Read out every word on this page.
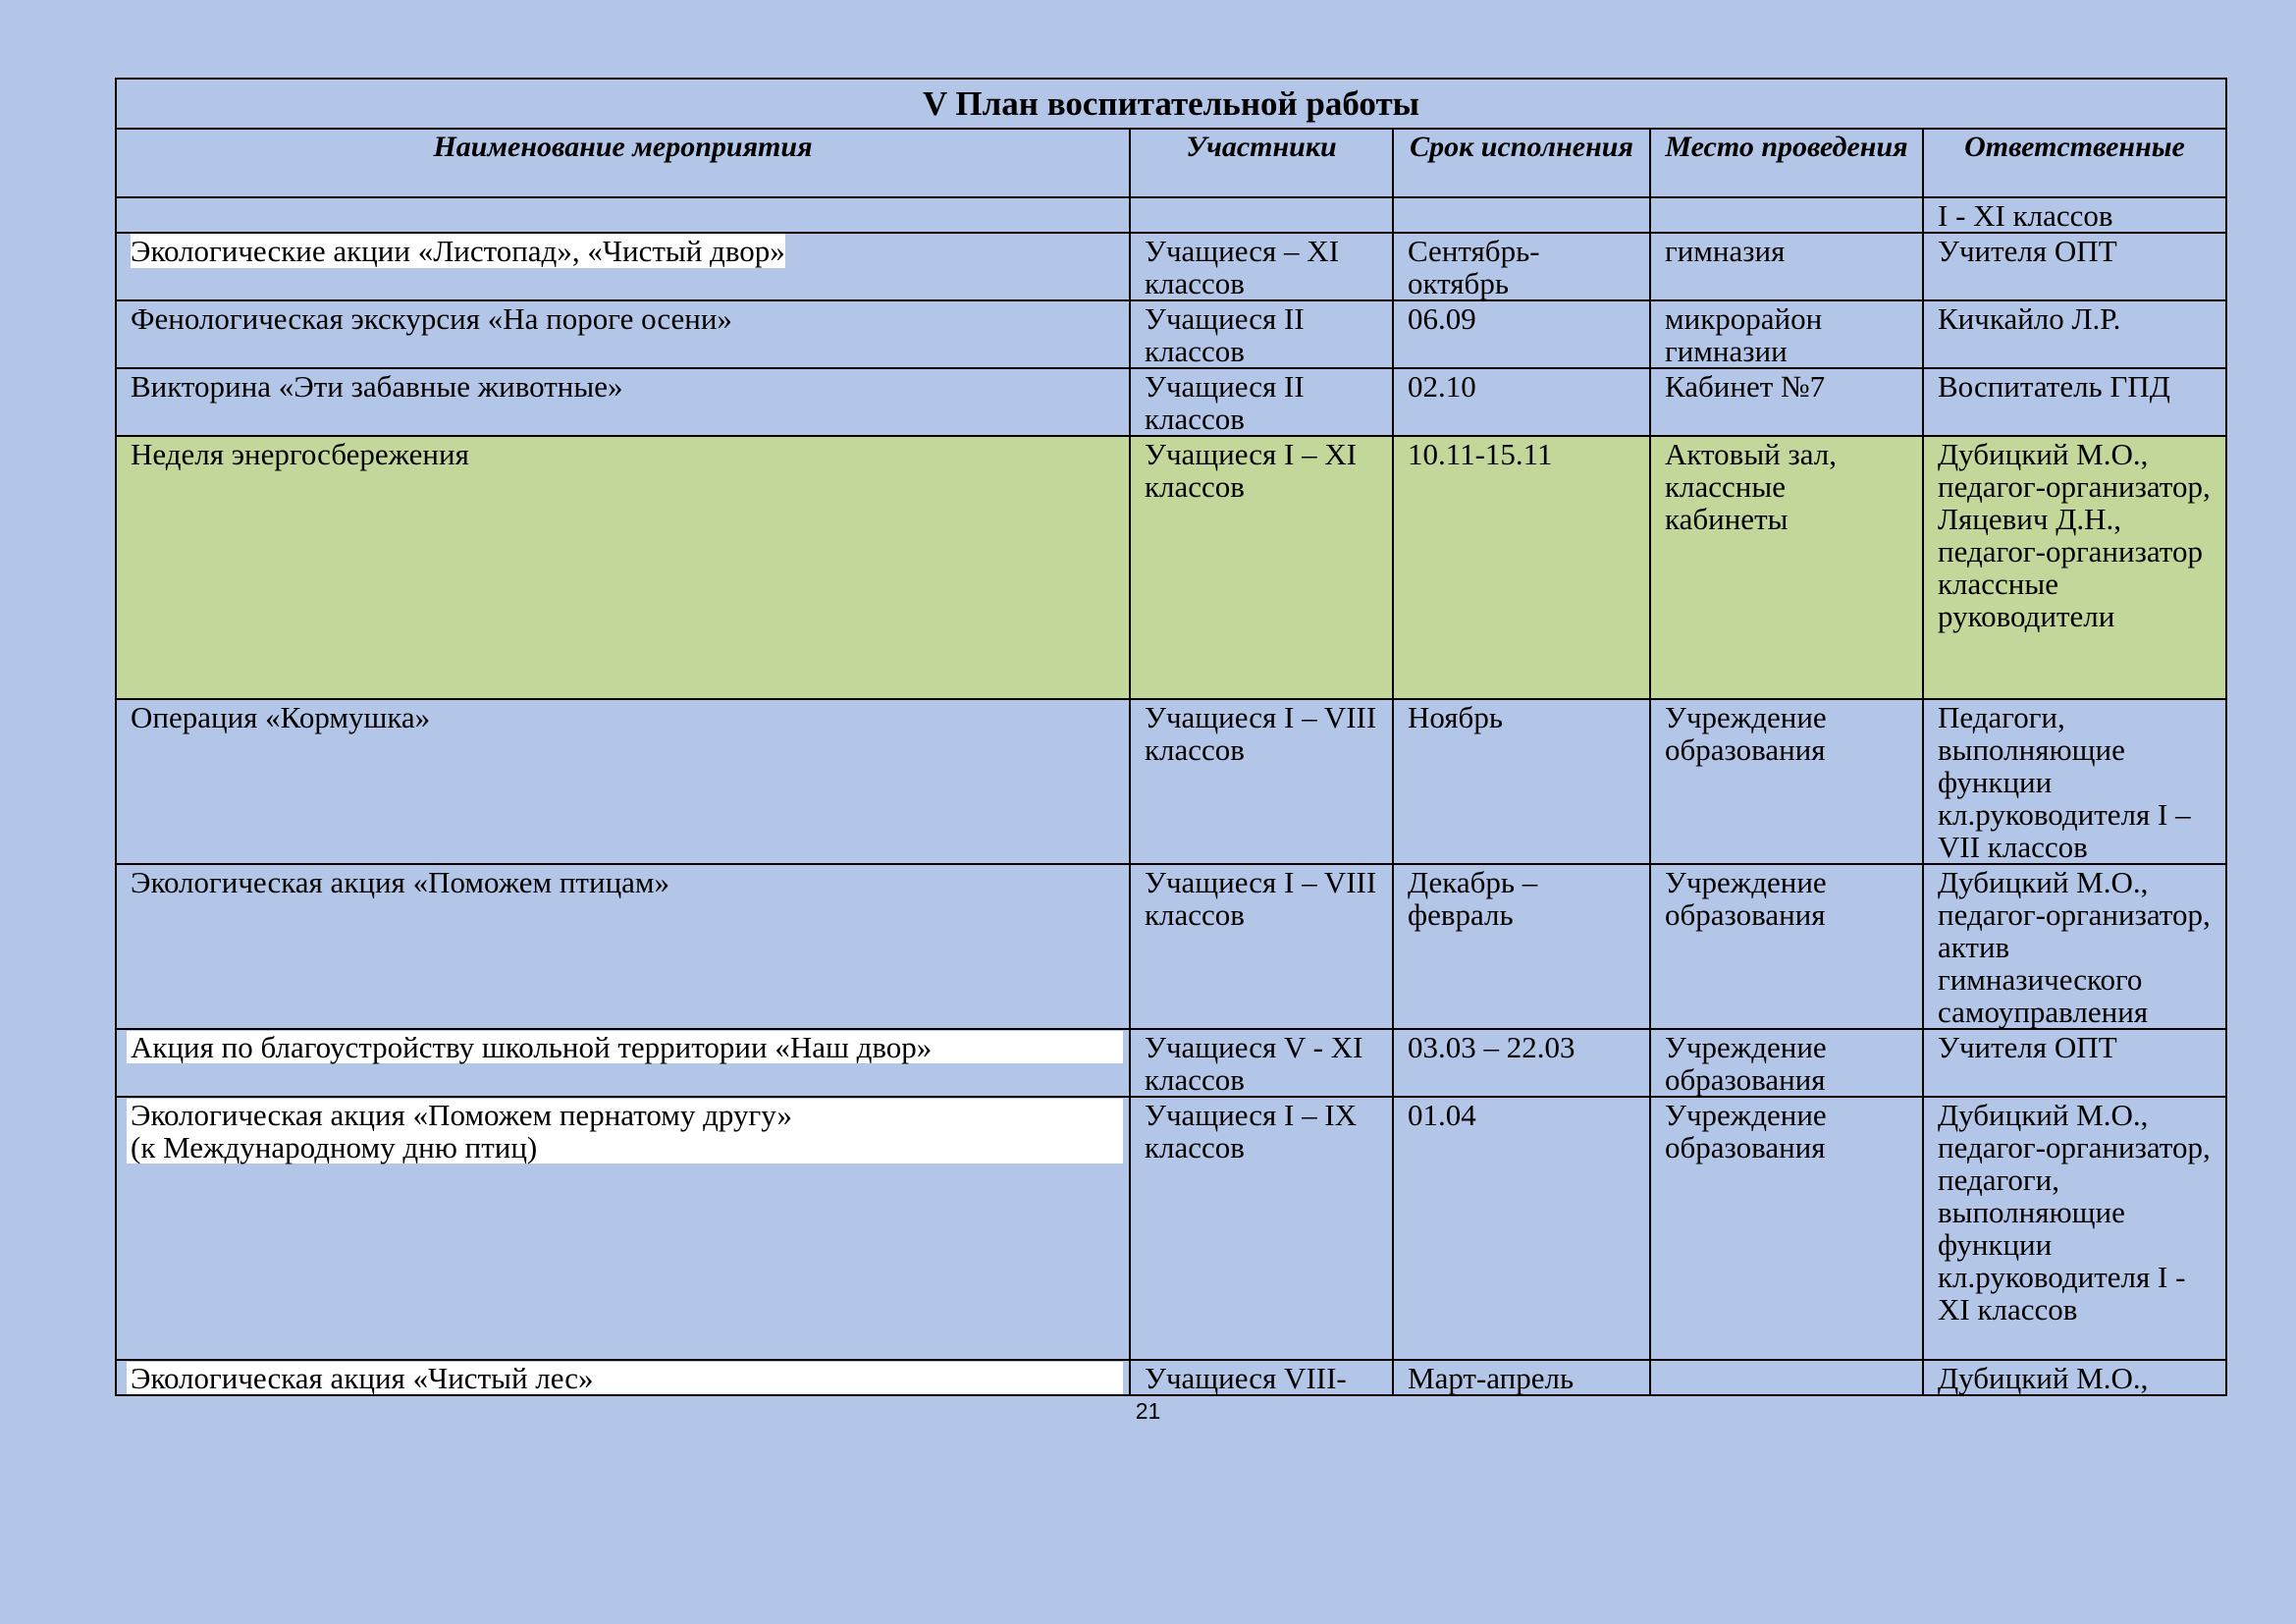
V План воспитательной работы				
Наименование мероприятия	Участники	Срок исполнения	Место проведения	Ответственные
				I - XI классов
Экологические акции «Листопад», «Чистый двор»	Учащиеся – XI классов	Сентябрь-октябрь	гимназия	Учителя ОПТ
Фенологическая экскурсия «На пороге осени»	Учащиеся II классов	06.09	микрорайон гимназии	Кичкайло Л.Р.
Викторина «Эти забавные животные»	Учащиеся II классов	02.10	Кабинет №7	Воспитатель ГПД
Неделя энергосбережения	Учащиеся I – XI классов	10.11-15.11	Актовый зал, классные кабинеты	Дубицкий М.О., педагог-организатор, Ляцевич Д.Н., педагог-организатор классные руководители
Операция «Кормушка»	Учащиеся I – VIII классов	Ноябрь	Учреждение образования	Педагоги, выполняющие функции кл.руководителя I – VII классов
Экологическая акция «Поможем птицам»	Учащиеся I – VIII классов	Декабрь – февраль	Учреждение образования	Дубицкий М.О., педагог-организатор, актив гимназического самоуправления

Акция по благоустройству школьной территории «Наш двор»	Учащиеся V - XI классов	03.03 – 22.03	Учреждение образования	Учителя ОПТ

Экологическая акция «Поможем пернатому другу»
(к Международному дню птиц)	Учащиеся I – IX классов	01.04	Учреждение образования	Дубицкий М.О., педагог-организатор, педагоги, выполняющие функции кл.руководителя I - XI классов

Экологическая акция «Чистый лес»	Учащиеся VIII-	Март-апрель		Дубицкий М.О.,
21
